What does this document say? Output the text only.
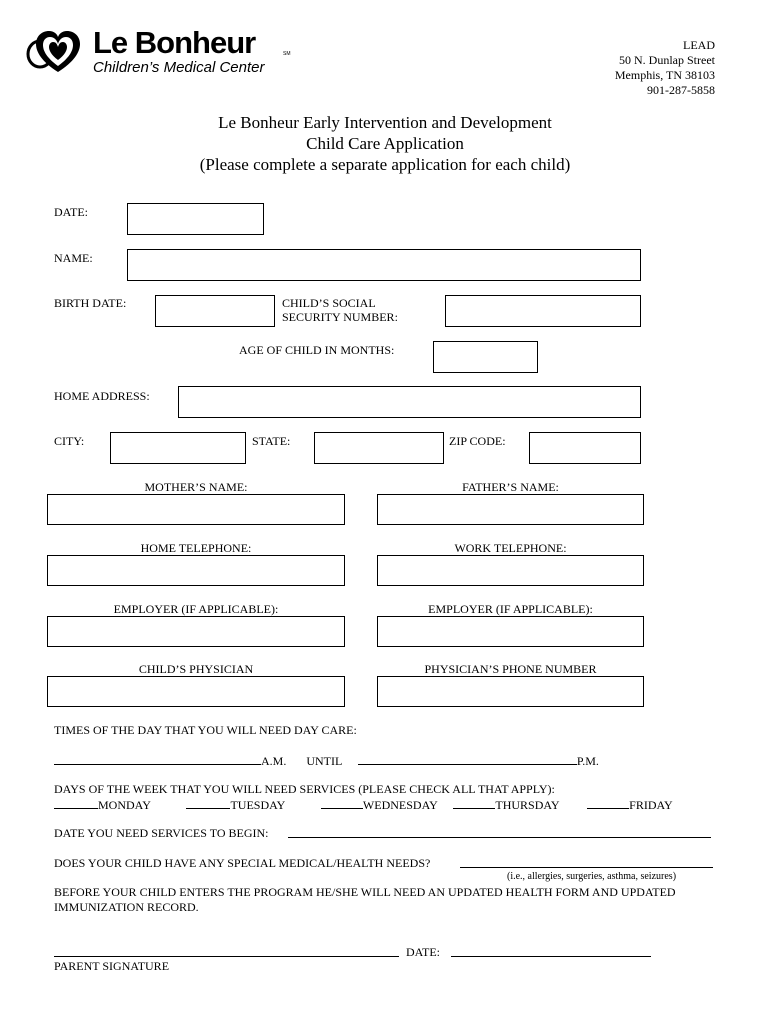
Le Bonheur	SM
Children’s Medical Center
LEAD
50 N. Dunlap Street
Memphis, TN 38103
901-287-5858
Le Bonheur Early Intervention and Development
Child Care Application
(Please complete a separate application for each child)
DATE:
NAME:
BIRTH DATE:	CHILD’S SOCIAL
SECURITY NUMBER:
AGE OF CHILD IN MONTHS:
HOME ADDRESS:
CITY:	STATE:	ZIP CODE:
MOTHER’S NAME:	FATHER’S NAME:
HOME TELEPHONE:	WORK TELEPHONE:
EMPLOYER (IF APPLICABLE):	EMPLOYER (IF APPLICABLE):
CHILD’S PHYSICIAN	PHYSICIAN’S PHONE NUMBER
TIMES OF THE DAY THAT YOU WILL NEED DAY CARE:
A.M. UNTIL	P.M.
DAYS OF THE WEEK THAT YOU WILL NEED SERVICES (PLEASE CHECK ALL THAT APPLY):
MONDAY	TUESDAY	WEDNESDAY	THURSDAY	FRIDAY
DATE YOU NEED SERVICES TO BEGIN:
DOES YOUR CHILD HAVE ANY SPECIAL MEDICAL/HEALTH NEEDS?
(i.e., allergies, surgeries, asthma, seizures)
BEFORE YOUR CHILD ENTERS THE PROGRAM HE/SHE WILL NEED AN UPDATED HEALTH FORM AND UPDATED
IMMUNIZATION RECORD.
DATE:
PARENT SIGNATURE
